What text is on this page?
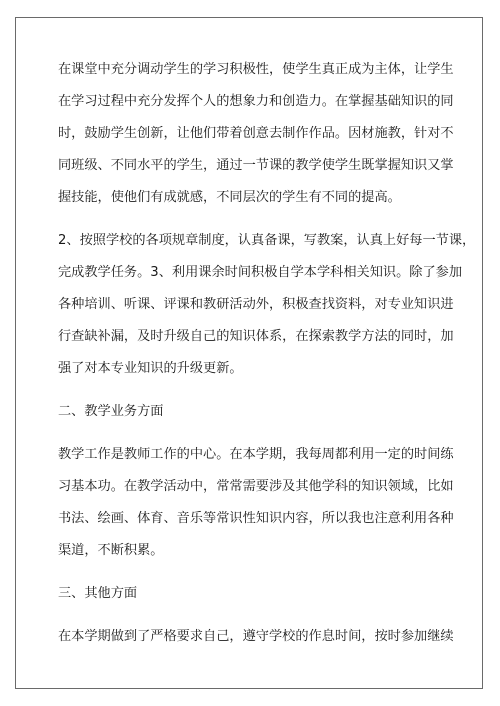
在课堂中充分调动学生的学习积极性，使学生真正成为主体，让学生
在学习过程中充分发挥个人的想象力和创造力。在掌握基础知识的同
时，鼓励学生创新，让他们带着创意去制作作品。因材施教，针对不
同班级、不同水平的学生，通过一节课的教学使学生既掌握知识又掌
握技能，使他们有成就感，不同层次的学生有不同的提高。
2、按照学校的各项规章制度，认真备课，写教案，认真上好每一节课，
完成教学任务。3、利用课余时间积极自学本学科相关知识。除了参加
各种培训、听课、评课和教研活动外，积极查找资料，对专业知识进
行查缺补漏，及时升级自己的知识体系，在探索教学方法的同时，加
强了对本专业知识的升级更新。
二、教学业务方面
教学工作是教师工作的中心。在本学期，我每周都利用一定的时间练
习基本功。在教学活动中，常常需要涉及其他学科的知识领域，比如
书法、绘画、体育、音乐等常识性知识内容，所以我也注意利用各种
渠道，不断积累。
三、其他方面
在本学期做到了严格要求自己，遵守学校的作息时间，按时参加继续
